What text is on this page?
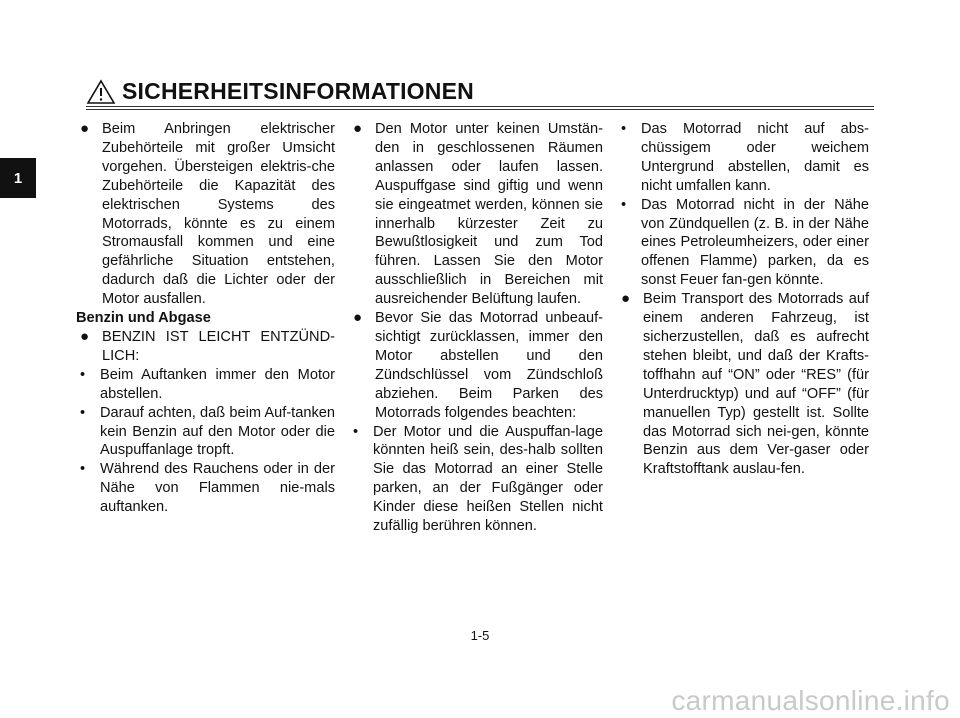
SICHERHEITSINFORMATIONEN
1

● Beim Anbringen elektrischer Zubehörteile mit großer Umsicht vorgehen. Übersteigen elektris-che Zubehörteile die Kapazität des elektrischen Systems des Motorrads, könnte es zu einem Stromausfall kommen und eine gefährliche Situation entstehen, dadurch daß die Lichter oder der Motor ausfallen.

Benzin und Abgase

● BENZIN IST LEICHT ENTZÜND-LICH:

• Beim Auftanken immer den Motor abstellen.

• Darauf achten, daß beim Auf-tanken kein Benzin auf den Motor oder die Auspuffanlage tropft.

• Während des Rauchens oder in der Nähe von Flammen nie-mals auftanken.

● Den Motor unter keinen Umstän-den in geschlossenen Räumen anlassen oder laufen lassen. Auspuffgase sind giftig und wenn sie eingeatmet werden, können sie innerhalb kürzester Zeit zu Bewußtlosigkeit und zum Tod führen. Lassen Sie den Motor ausschließlich in Bereichen mit ausreichender Belüftung laufen.

● Bevor Sie das Motorrad unbeauf-sichtigt zurücklassen, immer den Motor abstellen und den Zündschlüssel vom Zündschloß abziehen. Beim Parken des Motorrads folgendes beachten:

• Der Motor und die Auspuffan-lage könnten heiß sein, des-halb sollten Sie das Motorrad an einer Stelle parken, an der Fußgänger oder Kinder diese heißen Stellen nicht zufällig berühren können.

• Das Motorrad nicht auf abs-chüssigem oder weichem Untergrund abstellen, damit es nicht umfallen kann.

• Das Motorrad nicht in der Nähe von Zündquellen (z. B. in der Nähe eines Petroleumheizers, oder einer offenen Flamme) parken, da es sonst Feuer fan-gen könnte.

● Beim Transport des Motorrads auf einem anderen Fahrzeug, ist sicherzustellen, daß es aufrecht stehen bleibt, und daß der Krafts-toffhahn auf “ON” oder “RES” (für Unterdrucktyp) und auf “OFF” (für manuellen Typ) gestellt ist. Sollte das Motorrad sich nei-gen, könnte Benzin aus dem Ver-gaser oder Kraftstofftank auslau-fen.

1-5
carmanualsonline.info
